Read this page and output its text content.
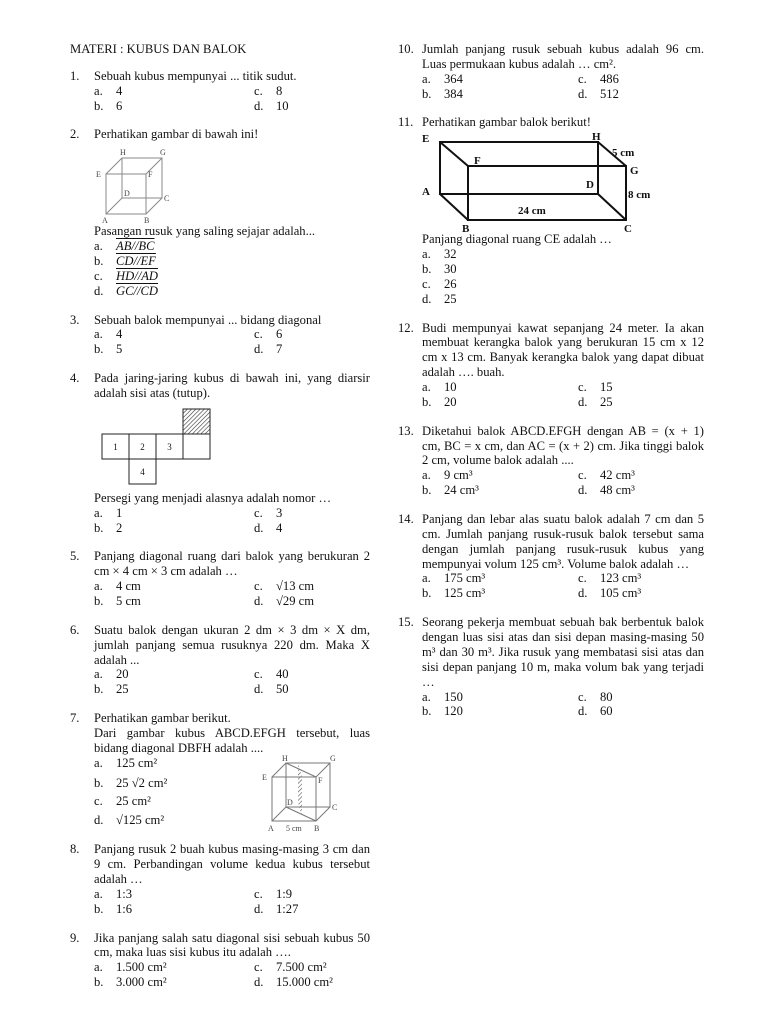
MATERI : KUBUS DAN BALOK
1.	Sebuah kubus mempunyai ... titik sudut.
a.	4	c.	8
b. 6	d. 10
2.	Perhatikan gambar di bawah ini!
H	G
E	F
D
C
A	B
Pasangan rusuk yang saling sejajar adalah...
a.	AB//BC
b. CD//EF
c.	HD//AD
d. GC//CD
3.	Sebuah balok mempunyai ... bidang diagonal
a.	4	c.	6
b. 5	d. 7
4.	Pada jaring-jaring kubus di bawah ini, yang diarsir adalah sisi atas (tutup).
1	2	3
4
Persegi yang menjadi alasnya adalah nomor …
a.	1	c.	3
b. 2	d. 4
5.	Panjang diagonal ruang dari balok yang berukuran 2 cm × 4 cm × 3 cm adalah …
a.	4 cm	c.	√13 cm
b. 5 cm	d. √29 cm
6.	Suatu balok dengan ukuran 2 dm × 3 dm × X dm, jumlah panjang semua rusuknya 220 dm. Maka X adalah ...
a.	20	c.	40
b. 25	d. 50
7.	Perhatikan gambar berikut.
Dari gambar kubus ABCD.EFGH tersebut, luas bidang diagonal DBFH adalah ....
a.	125 cm²
b. 25 √2 cm²
c.	25 cm²
d. √125 cm²
H	G
E	F
D
C
A 5 cm B
8.	Panjang rusuk 2 buah kubus masing-masing 3 cm dan 9 cm. Perbandingan volume kedua kubus tersebut adalah …
a.	1:3	c.	1:9
b. 1:6	d. 1:27
9.	Jika panjang salah satu diagonal sisi sebuah kubus 50 cm, maka luas sisi kubus itu adalah ….
a.	1.500 cm²	c.	7.500 cm²
b. 3.000 cm²	d. 15.000 cm²
10. Jumlah panjang rusuk sebuah kubus adalah 96 cm. Luas permukaan kubus adalah … cm².
a.	364	c.	486
b. 384	d. 512
11. Perhatikan gambar balok berikut!
E	H
F
5 cm
G
A
D
8 cm
24 cm
B	C
Panjang diagonal ruang CE adalah …
a.	32
b. 30
c.	26
d. 25
12. Budi mempunyai kawat sepanjang 24 meter. Ia akan membuat kerangka balok yang berukuran 15 cm x 12 cm x 13 cm. Banyak kerangka balok yang dapat dibuat adalah …. buah.
a.	10	c.	15
b. 20	d. 25
13. Diketahui balok ABCD.EFGH dengan AB = (x + 1) cm, BC = x cm, dan AC = (x + 2) cm. Jika tinggi balok 2 cm, volume balok adalah ....
a.	9 cm³	c.	42 cm³
b. 24 cm³	d. 48 cm³
14. Panjang dan lebar alas suatu balok adalah 7 cm dan 5 cm. Jumlah panjang rusuk-rusuk balok tersebut sama dengan jumlah panjang rusuk-rusuk kubus yang mempunyai volum 125 cm³. Volume balok adalah …
a.	175 cm³	c.	123 cm³
b. 125 cm³	d. 105 cm³
15. Seorang pekerja membuat sebuah bak berbentuk balok dengan luas sisi atas dan sisi depan masing-masing 50 m³ dan 30 m³. Jika rusuk yang membatasi sisi atas dan sisi depan panjang 10 m, maka volum bak yang terjadi …
a.	150	c.	80
b. 120	d. 60
